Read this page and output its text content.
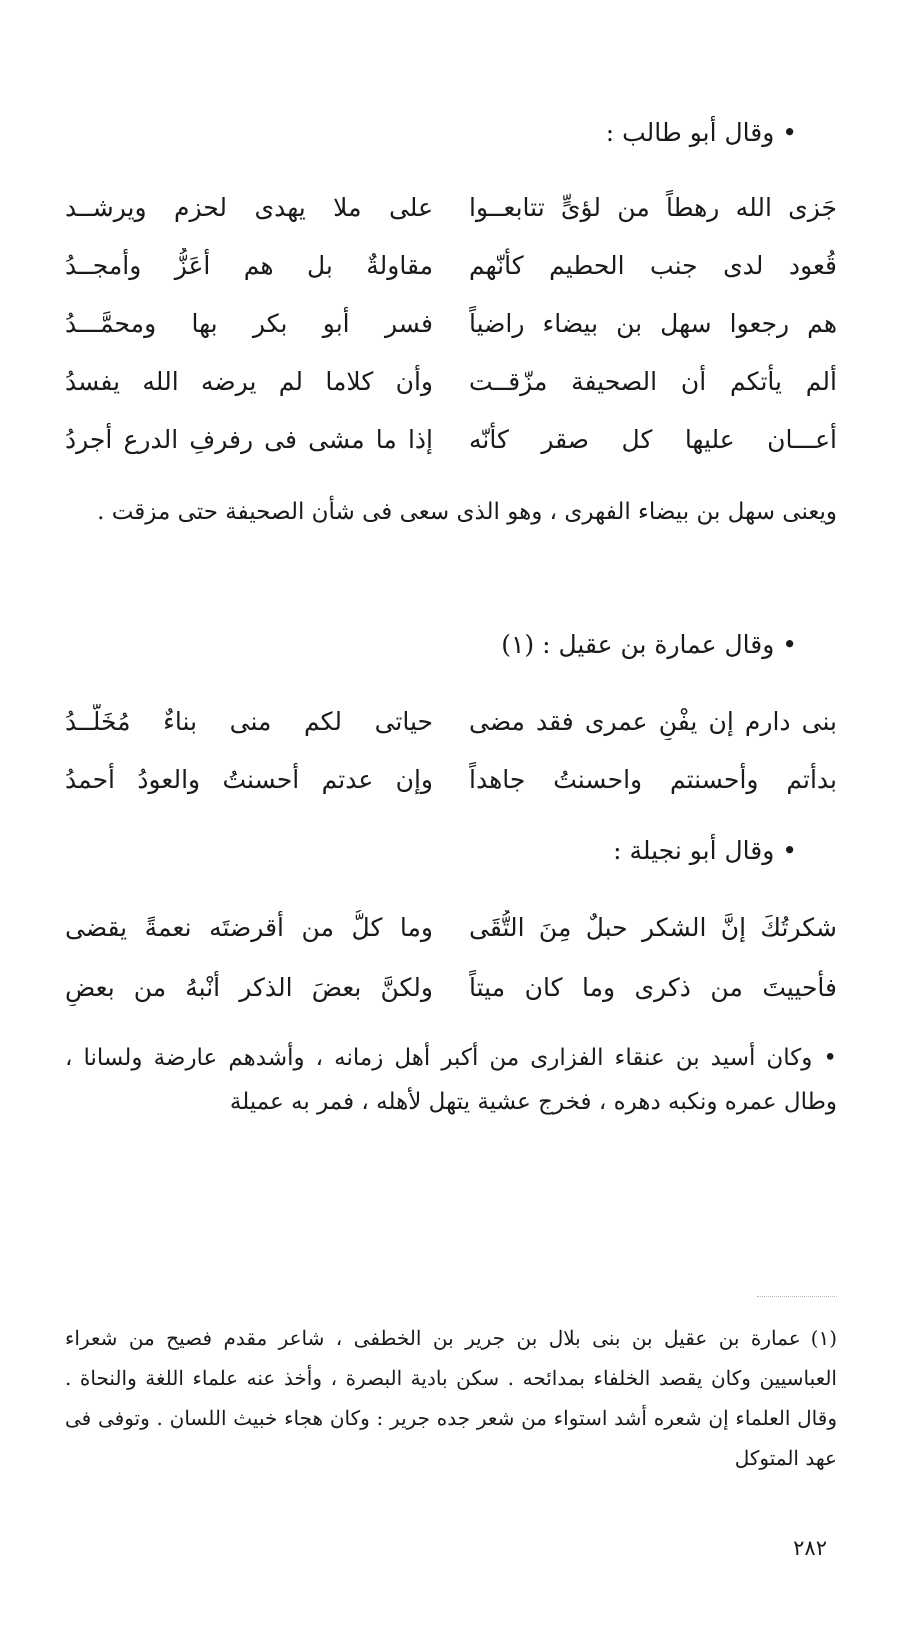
• وقال أبو طالب :
جَزى الله رهطاً من لؤىٍّ تتابعــوا
على ملا يهدى لحزم ويرشــد
قُعود لدى جنب الحطيم كأنّهم
مقاولةٌ بل هم أعَزُّ وأمجــدُ
هم رجعوا سهل بن بيضاء راضياً
فسر أبو بكر بها ومحمَّـــدُ
ألم يأتكم أن الصحيفة مزّقــت
وأن كلاما لم يرضه الله يفسدُ
أعـــان عليها كل صقر كأنّه
إذا ما مشى فى رفرفِ الدرع أجردُ
ويعنى سهل بن بيضاء الفهرى ، وهو الذى سعى فى شأن الصحيفة حتى مزقت .
• وقال عمارة بن عقيل : (١)
بنى دارم إن يفْنِ عمرى فقد مضى
حياتى لكم منى بناءٌ مُخَلَّــدُ
بدأتم وأحسنتم واحسنتُ جاهداً
وإن عدتم أحسنتُ والعودُ أحمدُ
• وقال أبو نجيلة :
شكرتُكَ إنَّ الشكر حبلٌ مِنَ التُّقَى
وما كلُّ من أقرضتَه نعمةً يقضى
فأحييتَ من ذكرى وما كان ميتاً
ولكنَّ بعضَ الذكر أنْبهُ من بعضِ
• وكان أسيد بن عنقاء الفزارى من أكبر أهل زمانه ، وأشدهم عارضة ولسانا ، وطال عمره ونكبه دهره ، فخرج عشية يتهل لأهله ، فمر به عميلة
(١)عمارة بن عقيل بن بنى بلال بن جرير بن الخطفى ، شاعر مقدم فصيح من شعراء العباسيين وكان يقصد الخلفاء بمدائحه . سكن بادية البصرة ، وأخذ عنه علماء اللغة والنحاة . وقال العلماء إن شعره أشد استواء من شعر جده جرير : وكان هجاء خبيث اللسان . وتوفى فى عهد المتوكل
٢٨٢
